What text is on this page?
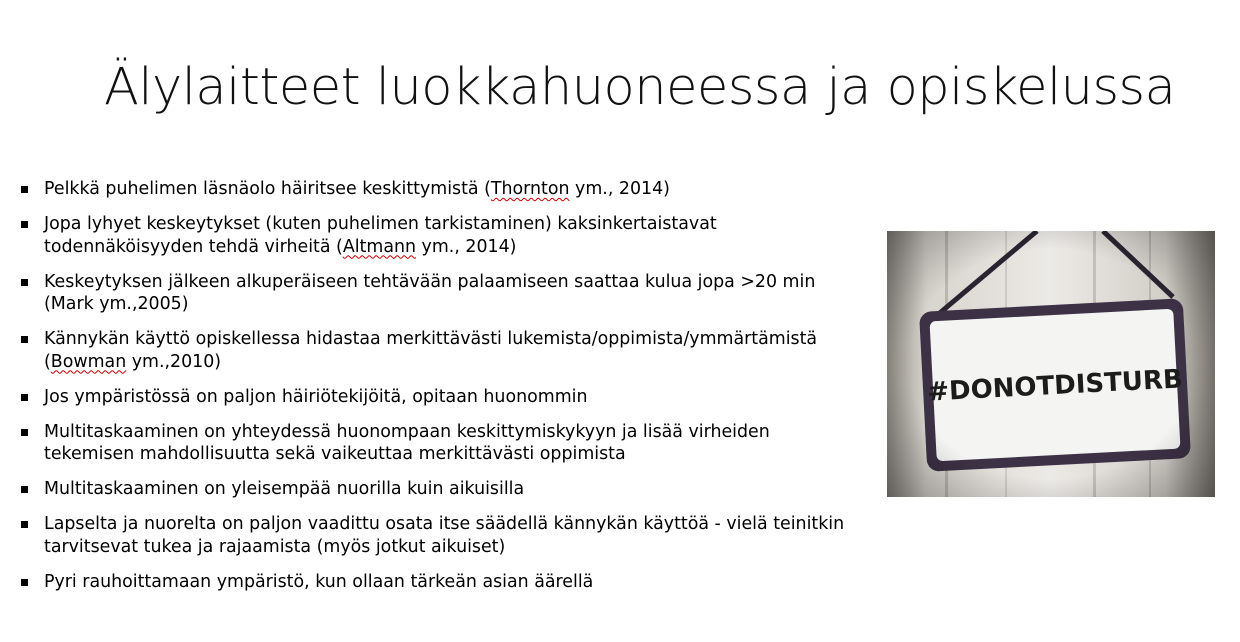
Älylaitteet luokkahuoneessa ja opiskelussa
Pelkkä puhelimen läsnäolo häiritsee keskittymistä (Thornton ym., 2014)
Jopa lyhyet keskeytykset (kuten puhelimen tarkistaminen) kaksinkertaistavat todennäköisyyden tehdä virheitä (Altmann ym., 2014)
Keskeytyksen jälkeen alkuperäiseen tehtävään palaamiseen saattaa kulua jopa >20 min (Mark ym.,2005)
Kännykän käyttö opiskellessa hidastaa merkittävästi lukemista/oppimista/ymmärtämistä (Bowman ym.,2010)
Jos ympäristössä on paljon häiriötekijöitä, opitaan huonommin
Multitaskaaminen on yhteydessä huonompaan keskittymiskykyyn ja lisää virheiden tekemisen mahdollisuutta sekä vaikeuttaa merkittävästi oppimista
Multitaskaaminen on yleisempää nuorilla kuin aikuisilla
Lapselta ja nuorelta on paljon vaadittu osata itse säädellä kännykän käyttöä - vielä teinitkin tarvitsevat tukea ja rajaamista (myös jotkut aikuiset)
Pyri rauhoittamaan ympäristö, kun ollaan tärkeän asian äärellä
